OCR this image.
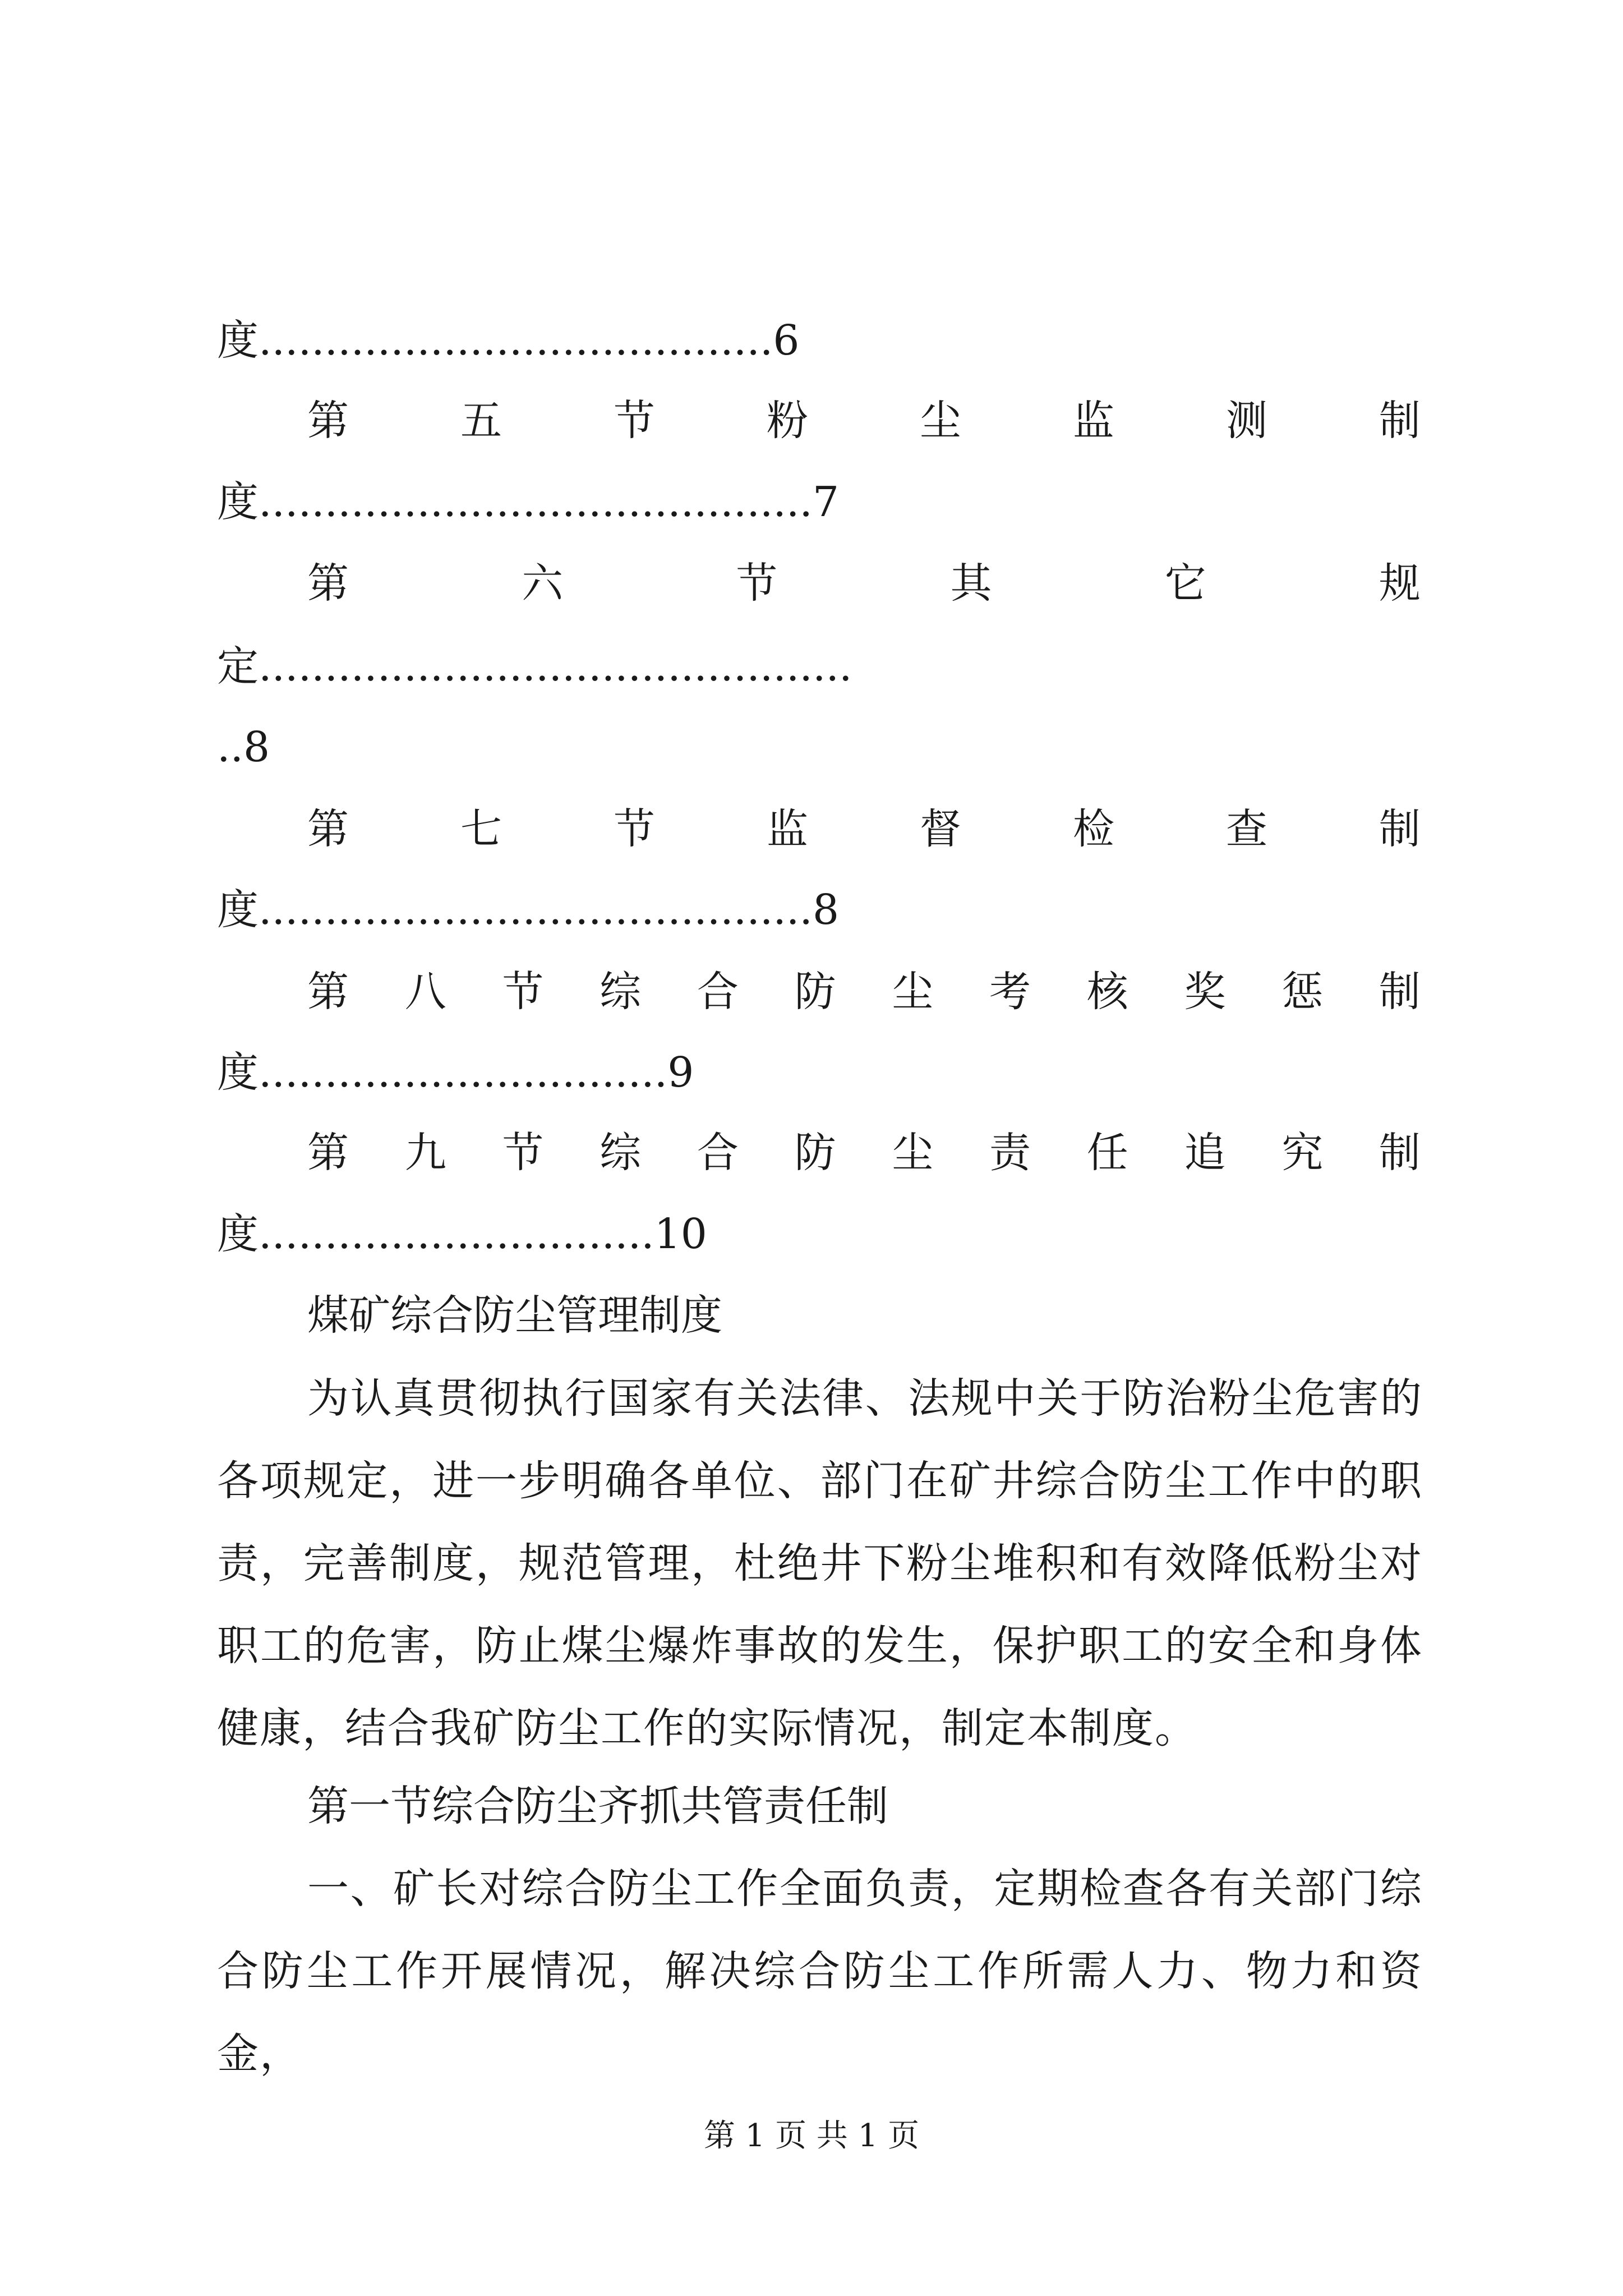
度.......................................6
第	五	节	粉	尘	监	测	制
度..........................................7
第	六	节	其	它	规
定.............................................
..8
第	七	节	监	督	检	查	制
度..........................................8
第 八 节 综 合 防 尘 考 核 奖 惩 制
度...............................9
第 九 节 综 合 防 尘 责 任 追 究 制
度..............................10
煤矿综合防尘管理制度
为认真贯彻执行国家有关法律、法规中关于防治粉尘危害的各项规定，进一步明确各单位、部门在矿井综合防尘工作中的职责，完善制度，规范管理，杜绝井下粉尘堆积和有效降低粉尘对职工的危害，防止煤尘爆炸事故的发生，保护职工的安全和身体健康，结合我矿防尘工作的实际情况，制定本制度。
第一节综合防尘齐抓共管责任制
一、矿长对综合防尘工作全面负责，定期检查各有关部门综合防尘工作开展情况，解决综合防尘工作所需人力、物力和资金，
第 1 页 共 1 页
